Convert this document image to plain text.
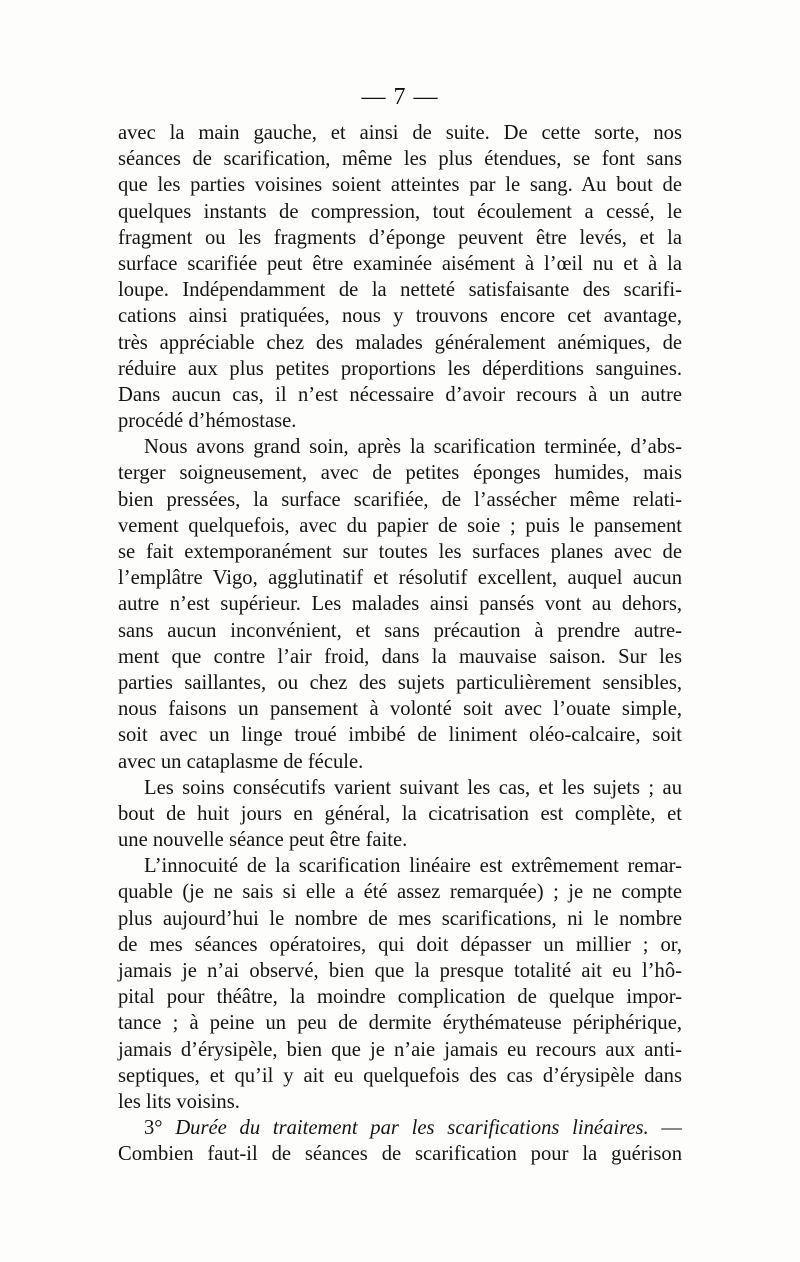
— 7 —
avec la main gauche, et ainsi de suite. De cette sorte, nos
séances de scarification, même les plus étendues, se font sans
que les parties voisines soient atteintes par le sang. Au bout de
quelques instants de compression, tout écoulement a cessé, le
fragment ou les fragments d’éponge peuvent être levés, et la
surface scarifiée peut être examinée aisément à l’œil nu et à la
loupe. Indépendamment de la netteté satisfaisante des scarifi-
cations ainsi pratiquées, nous y trouvons encore cet avantage,
très appréciable chez des malades généralement anémiques, de
réduire aux plus petites proportions les déperditions sanguines.
Dans aucun cas, il n’est nécessaire d’avoir recours à un autre
procédé d’hémostase.
Nous avons grand soin, après la scarification terminée, d’abs-
terger soigneusement, avec de petites éponges humides, mais
bien pressées, la surface scarifiée, de l’assécher même relati-
vement quelquefois, avec du papier de soie ; puis le pansement
se fait extemporanément sur toutes les surfaces planes avec de
l’emplâtre Vigo, agglutinatif et résolutif excellent, auquel aucun
autre n’est supérieur. Les malades ainsi pansés vont au dehors,
sans aucun inconvénient, et sans précaution à prendre autre-
ment que contre l’air froid, dans la mauvaise saison. Sur les
parties saillantes, ou chez des sujets particulièrement sensibles,
nous faisons un pansement à volonté soit avec l’ouate simple,
soit avec un linge troué imbibé de liniment oléo-calcaire, soit
avec un cataplasme de fécule.
Les soins consécutifs varient suivant les cas, et les sujets ; au
bout de huit jours en général, la cicatrisation est complète, et
une nouvelle séance peut être faite.
L’innocuité de la scarification linéaire est extrêmement remar-
quable (je ne sais si elle a été assez remarquée) ; je ne compte
plus aujourd’hui le nombre de mes scarifications, ni le nombre
de mes séances opératoires, qui doit dépasser un millier ; or,
jamais je n’ai observé, bien que la presque totalité ait eu l’hô-
pital pour théâtre, la moindre complication de quelque impor-
tance ; à peine un peu de dermite érythémateuse périphérique,
jamais d’érysipèle, bien que je n’aie jamais eu recours aux anti-
septiques, et qu’il y ait eu quelquefois des cas d’érysipèle dans
les lits voisins.
3° Durée du traitement par les scarifications linéaires. —
Combien faut-il de séances de scarification pour la guérison
